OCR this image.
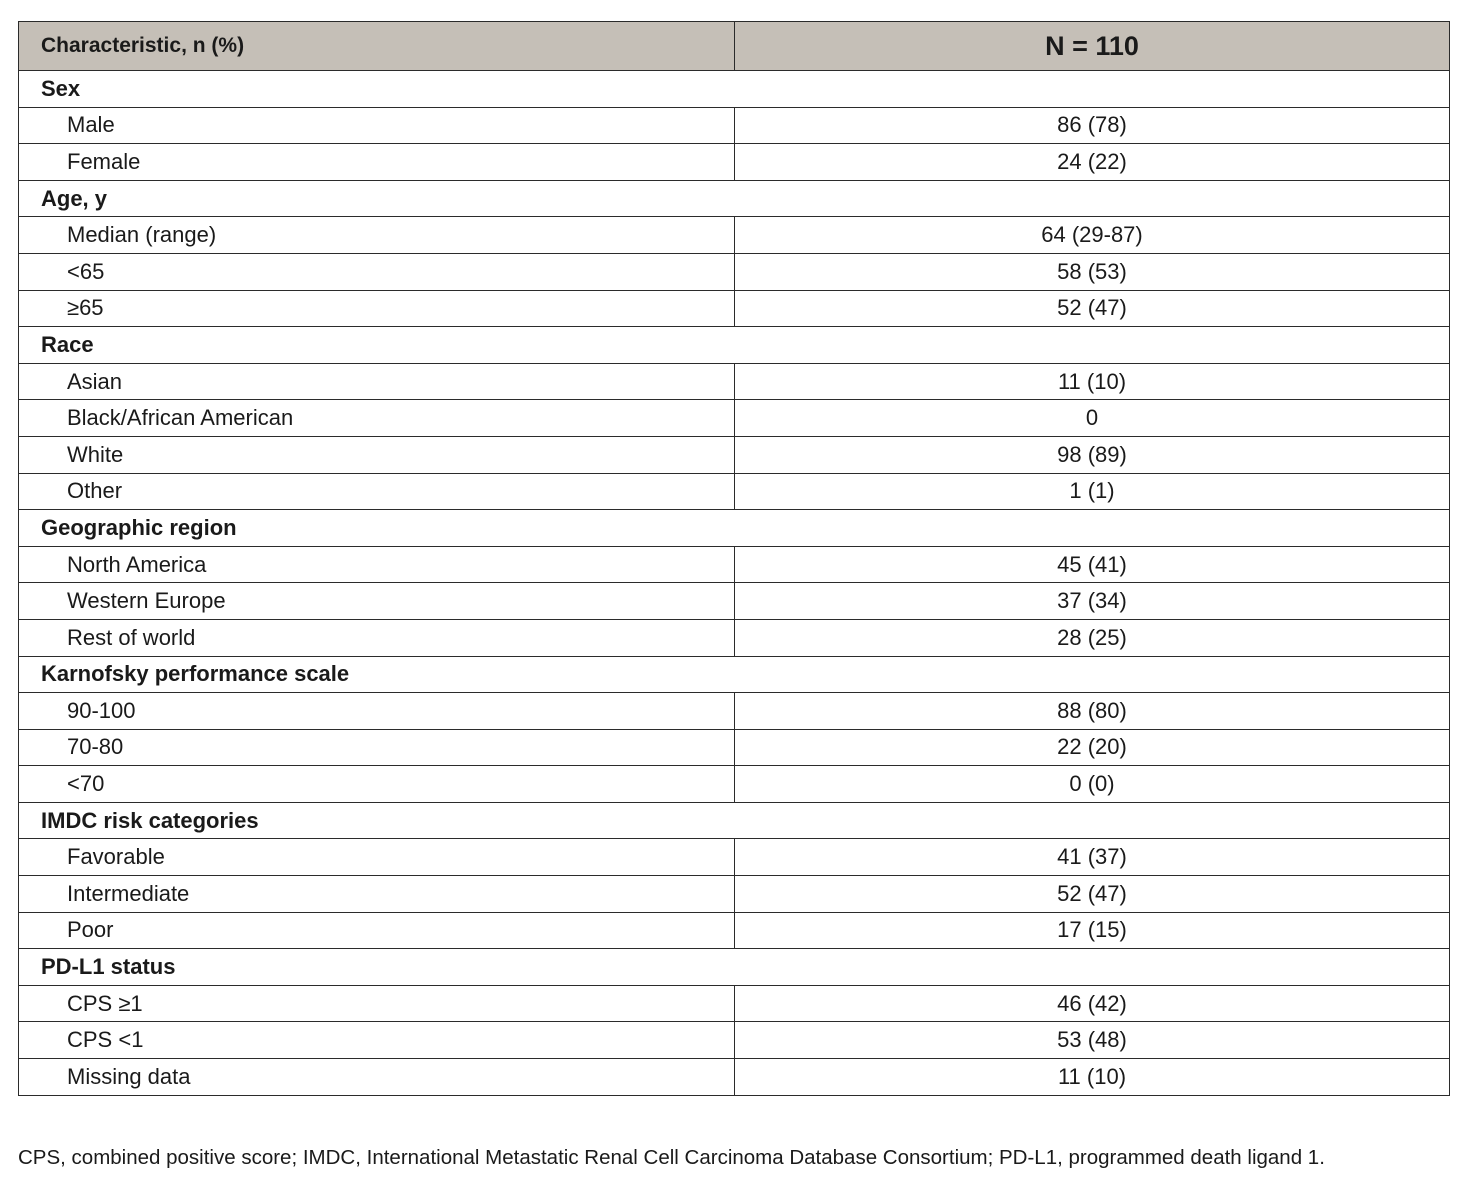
Characteristic, n (%)	N = 110
Sex	
Male	86 (78)
Female	24 (22)
Age, y	
Median (range)	64 (29-87)
<65	58 (53)
≥65	52 (47)
Race	
Asian	11 (10)
Black/African American	0
White	98 (89)
Other	1 (1)
Geographic region	
North America	45 (41)
Western Europe	37 (34)
Rest of world	28 (25)
Karnofsky performance scale	
90-100	88 (80)
70-80	22 (20)
<70	0 (0)
IMDC risk categories	
Favorable	41 (37)
Intermediate	52 (47)
Poor	17 (15)
PD-L1 status	
CPS ≥1	46 (42)
CPS <1	53 (48)
Missing data	11 (10)
CPS, combined positive score; IMDC, International Metastatic Renal Cell Carcinoma Database Consortium; PD-L1, programmed death ligand 1.
